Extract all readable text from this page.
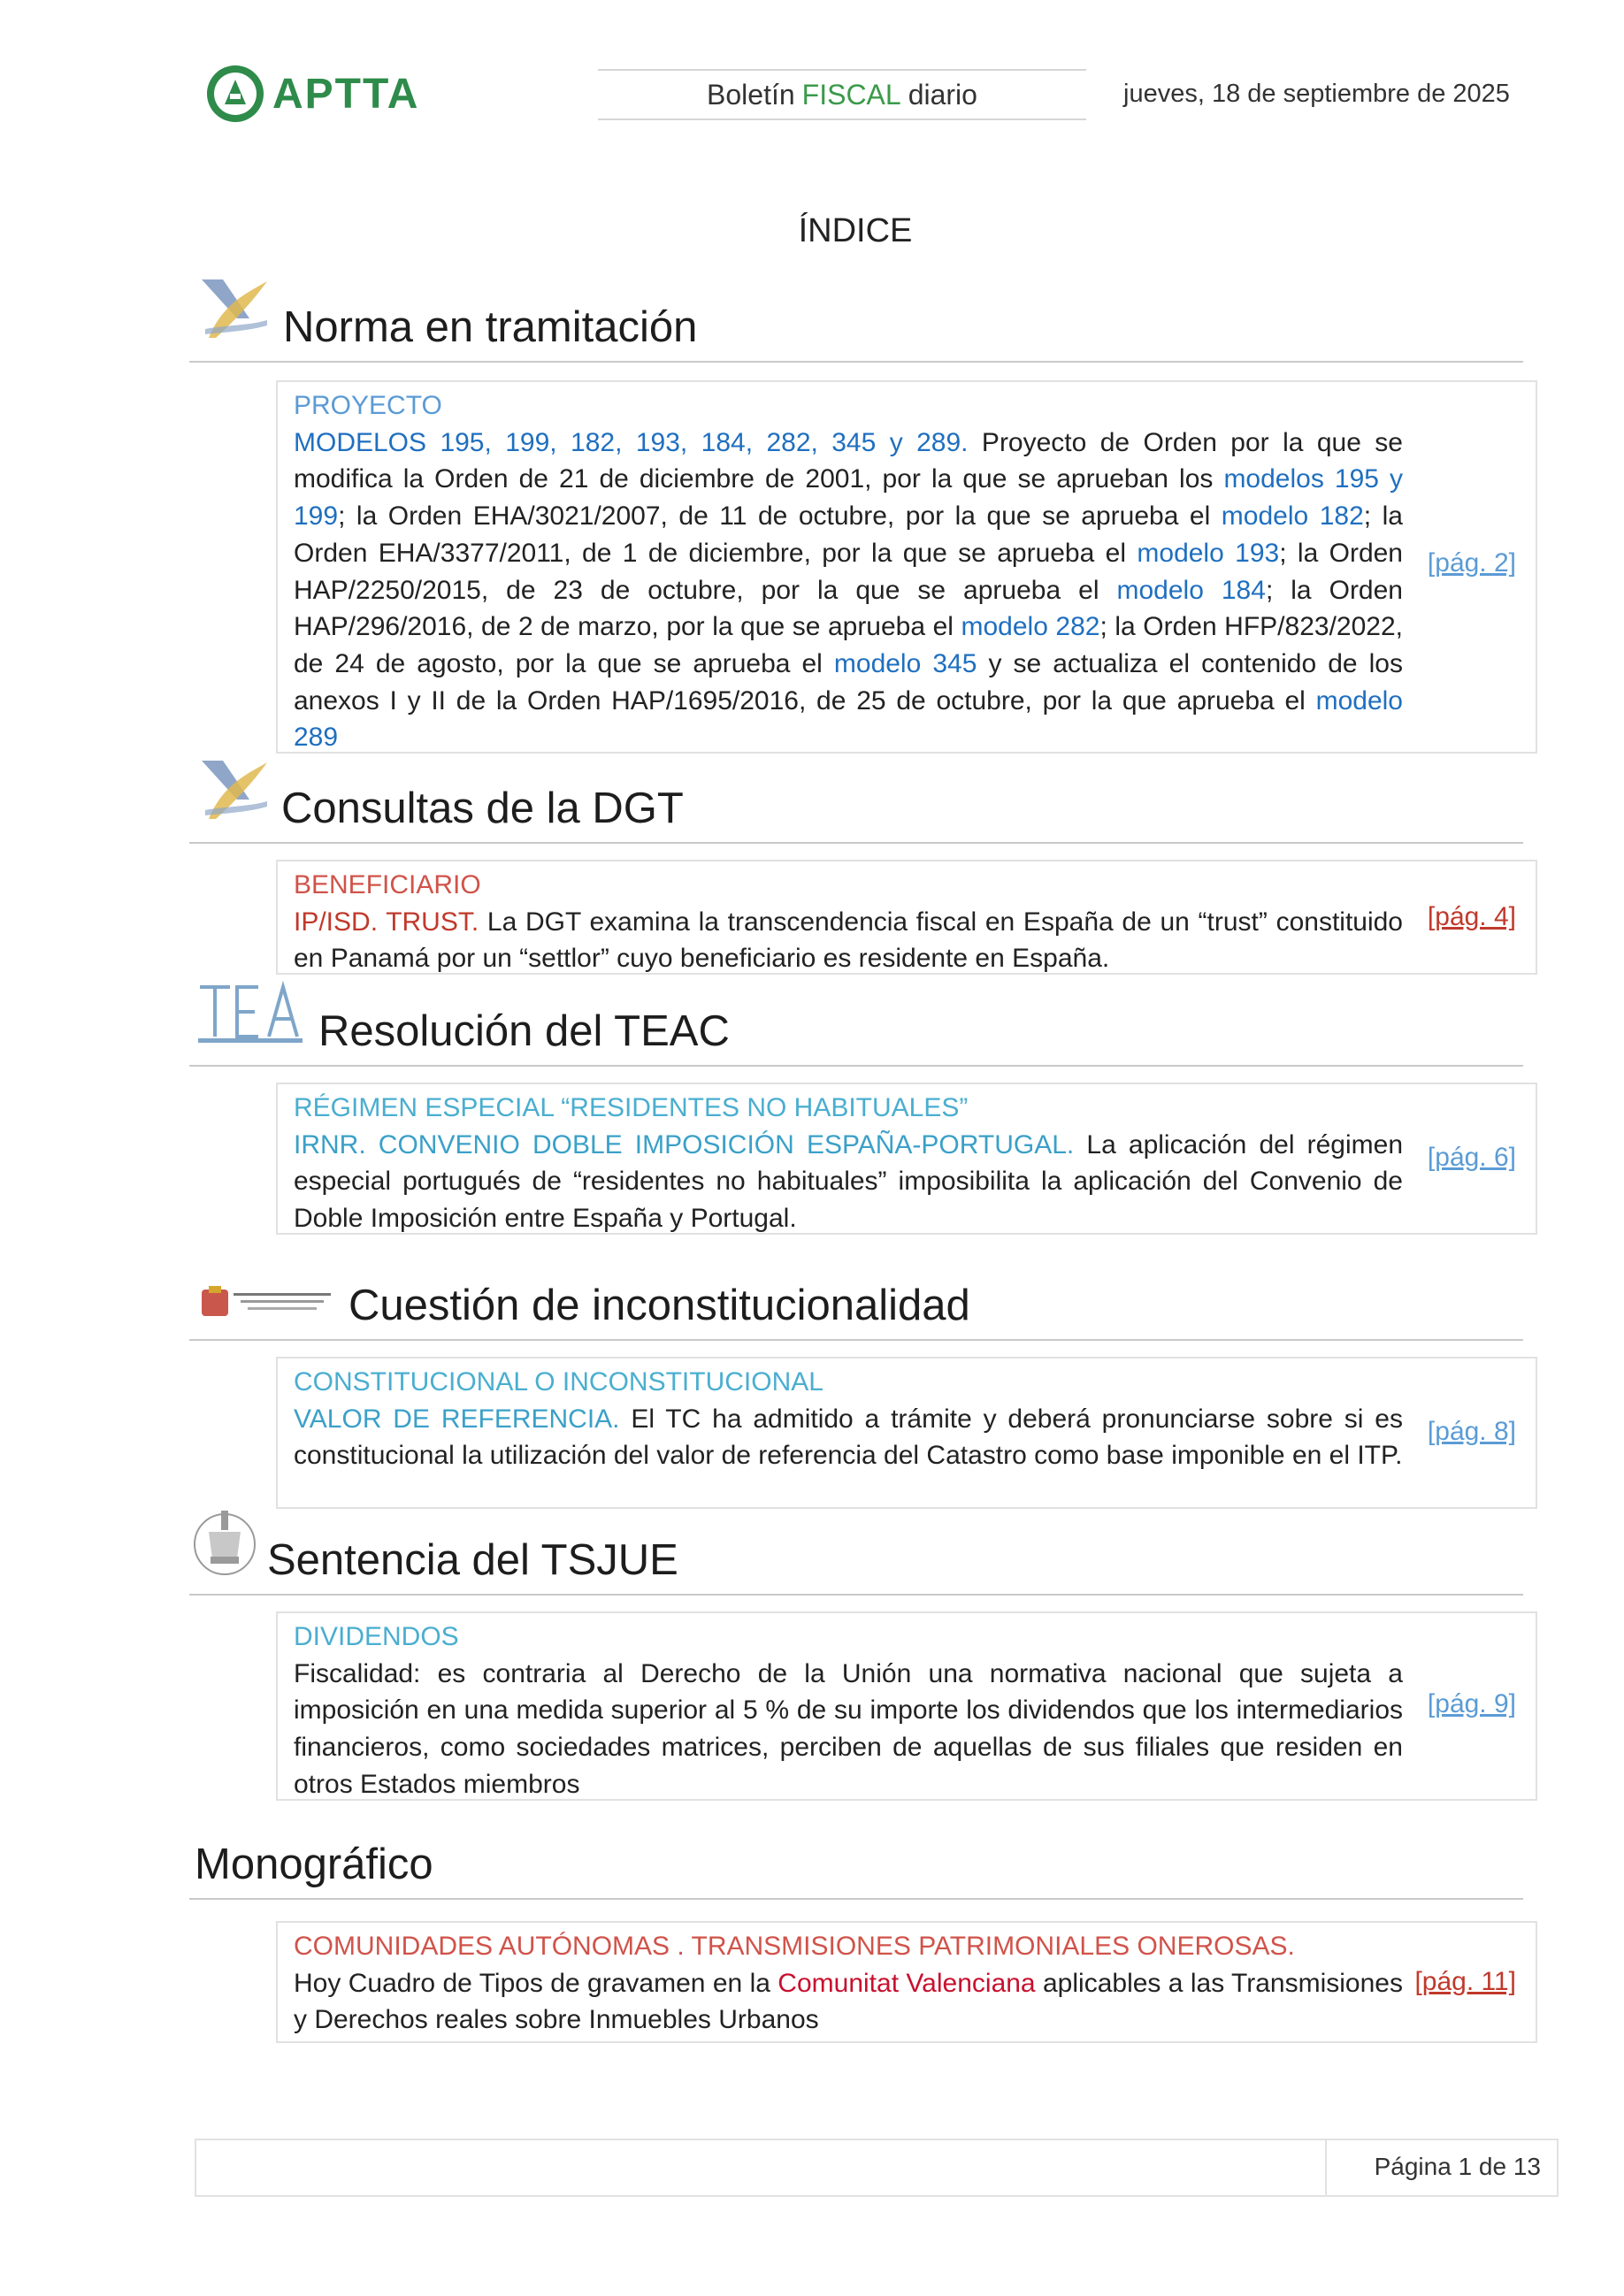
APTTA	Boletín FISCAL diario	jueves, 18 de septiembre de 2025
ÍNDICE
Norma en tramitación
PROYECTO
MODELOS 195, 199, 182, 193, 184, 282, 345 y 289. Proyecto de Orden por la que se modifica la Orden de 21 de diciembre de 2001, por la que se aprueban los modelos 195 y 199; la Orden EHA/3021/2007, de 11 de octubre, por la que se aprueba el modelo 182; la Orden EHA/3377/2011, de 1 de diciembre, por la que se aprueba el modelo 193; la Orden HAP/2250/2015, de 23 de octubre, por la que se aprueba el modelo 184; la Orden HAP/296/2016, de 2 de marzo, por la que se aprueba el modelo 282; la Orden HFP/823/2022, de 24 de agosto, por la que se aprueba el modelo 345 y se actualiza el contenido de los anexos I y II de la Orden HAP/1695/2016, de 25 de octubre, por la que aprueba el modelo 289
[pág. 2]
Consultas de la DGT
BENEFICIARIO
IP/ISD. TRUST. La DGT examina la transcendencia fiscal en España de un “trust” constituido en Panamá por un “settlor” cuyo beneficiario es residente en España.
[pág. 4]
Resolución del TEAC
RÉGIMEN ESPECIAL “RESIDENTES NO HABITUALES”
IRNR. CONVENIO DOBLE IMPOSICIÓN ESPAÑA-PORTUGAL. La aplicación del régimen especial portugués de “residentes no habituales” imposibilita la aplicación del Convenio de Doble Imposición entre España y Portugal.
[pág. 6]
Cuestión de inconstitucionalidad
CONSTITUCIONAL O INCONSTITUCIONAL
VALOR DE REFERENCIA. El TC ha admitido a trámite y deberá pronunciarse sobre si es constitucional la utilización del valor de referencia del Catastro como base imponible en el ITP.
[pág. 8]
Sentencia del TSJUE
DIVIDENDOS
Fiscalidad: es contraria al Derecho de la Unión una normativa nacional que sujeta a imposición en una medida superior al 5 % de su importe los dividendos que los intermediarios financieros, como sociedades matrices, perciben de aquellas de sus filiales que residen en otros Estados miembros
[pág. 9]
Monográfico
COMUNIDADES AUTÓNOMAS . TRANSMISIONES PATRIMONIALES ONEROSAS.
Hoy Cuadro de Tipos de gravamen en la Comunitat Valenciana aplicables a las Transmisiones y Derechos reales sobre Inmuebles Urbanos
[pág. 11]
Página 1 de 13
